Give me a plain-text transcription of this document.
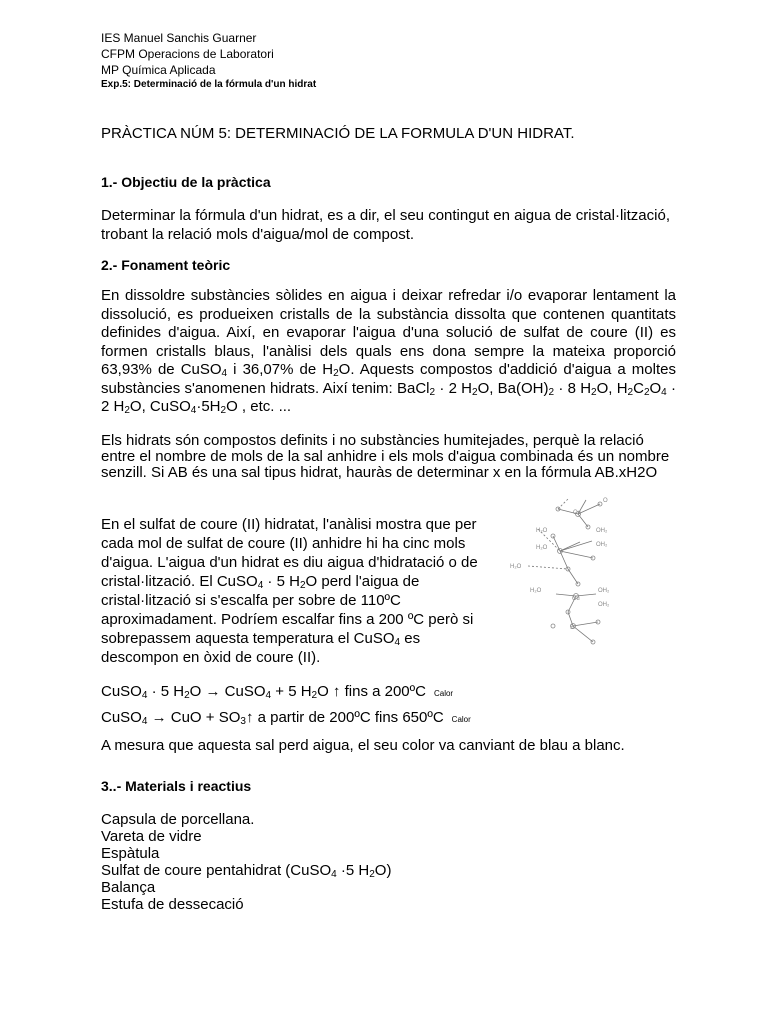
IES Manuel Sanchis Guarner
CFPM Operacions de Laboratori
MP Química Aplicada
Exp.5: Determinació de la fórmula d'un hidrat
PRÀCTICA NÚM 5: DETERMINACIÓ DE LA FORMULA D'UN HIDRAT.
1.- Objectiu de la pràctica

Determinar la fórmula d'un hidrat, es a dir, el seu contingut en aigua de cristal·lització, trobant la relació mols d'aigua/mol de compost.

2.- Fonament teòric

En dissoldre substàncies sòlides en aigua i deixar refredar i/o evaporar lentament la dissolució, es produeixen cristalls de la substància dissolta que contenen quantitats definides d'aigua. Així, en evaporar l'aigua d'una solució de sulfat de coure (II) es formen cristalls blaus, l'anàlisi dels quals ens dona sempre la mateixa proporció 63,93% de CuSO$_4$ i 36,07% de $H_2O$. Aquests compostos d'addició d'aigua a moltes substàncies s'anomenen hidrats. Així tenim: BaCl$_2$ · 2 $H_2O$, $Ba(OH)_2 \cdot 8$ $H_2O$, $H_2C_2O_4 \cdot 2$ $H_2O$, $CuSO_4\cdot 5H_2O$ , etc. ...

Els hidrats són compostos definits i no substàncies humitejades, perquè la relació entre el nombre de mols de la sal anhidre i els mols d'aigua combinada és un nombre senzill. Si AB és una sal tipus hidrat, hauràs de determinar x en la fórmula AB.xH2O

En el sulfat de coure (II) hidratat, l'anàlisi mostra que per cada mol de sulfat de coure (II) anhidre hi ha cinc mols d'aigua. L'aigua d'un hidrat es diu aigua d'hidratació o de cristal·lització. El CuSO$_4$ · 5 $H_2O$ perd l'aigua de cristal·lització si s'escalfa per sobre de 110ºC aproximadament. Podríem escalfar fins a 200 ºC però si sobrepassem aquesta temperatura el CuSO$_4$ es descompon en òxid de coure (II).

H₂O	OH₂
OH₂
H₂O
H₂O
H₂O	OH₂
OH₂
Cu
Cu
O
S

CuSO$_4$ · 5 $H_2O$ → CuSO$_4$ + 5 $H_2O$ ↑ fins a 200ºC Calor

CuSO$_4$ → CuO + $SO_3↑$ a partir de 200ºC fins 650ºC Calor

A mesura que aquesta sal perd aigua, el seu color va canviant de blau a blanc.

3..- Materials i reactius

Capsula de porcellana.

Vareta de vidre

Espàtula

Sulfat de coure pentahidrat (CuSO$_4$ ·5 $H_2O$)

Balança

Estufa de dessecació
